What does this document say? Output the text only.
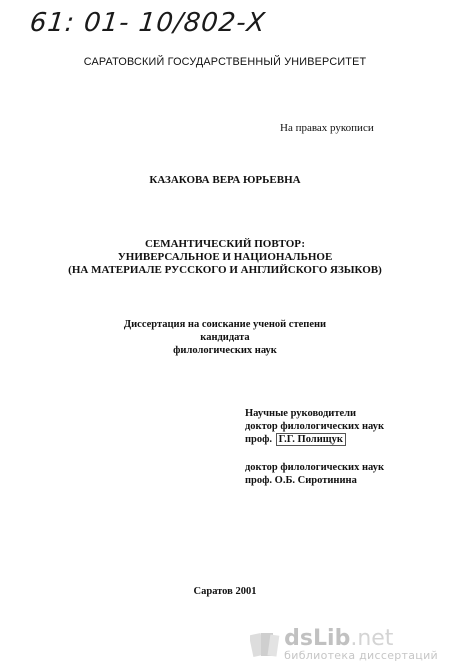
61: 01- 10/802-Х
САРАТОВСКИЙ ГОСУДАРСТВЕННЫЙ УНИВЕРСИТЕТ
На правах рукописи
КАЗАКОВА ВЕРА ЮРЬЕВНА
СЕМАНТИЧЕСКИЙ ПОВТОР:
УНИВЕРСАЛЬНОЕ И НАЦИОНАЛЬНОЕ
(НА МАТЕРИАЛЕ РУССКОГО И АНГЛИЙСКОГО ЯЗЫКОВ)
Диссертация на соискание ученой степени
кандидата
филологических наук
Научные руководители
доктор филологических наук
проф. Г.Г. Полищук
доктор филологических наук
проф. О.Б. Сиротинина
Саратов 2001
dsLib.net
библиотека диссертаций
